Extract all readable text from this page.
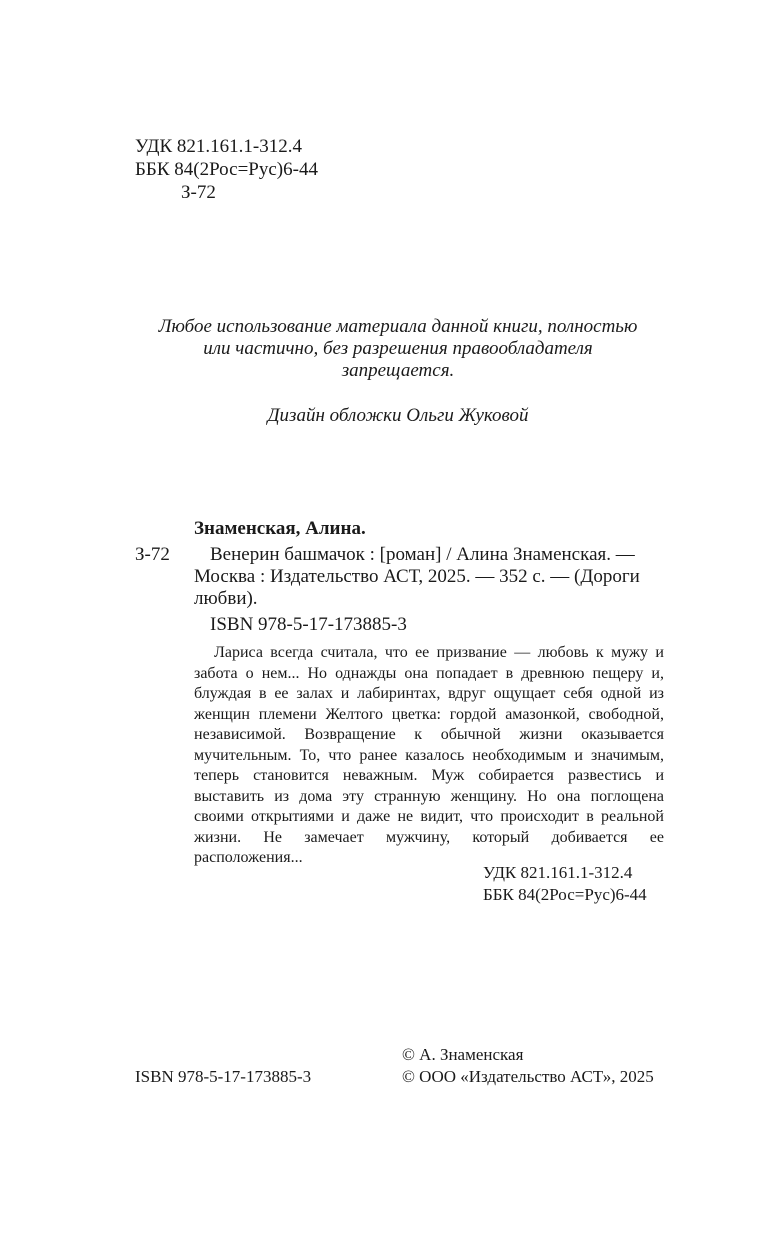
УДК 821.161.1-312.4
ББК 84(2Рос=Рус)6-44
З-72
Любое использование материала данной книги, полностью
или частично, без разрешения правообладателя
запрещается.
Дизайн обложки Ольги Жуковой
Знаменская, Алина.
З-72 Венерин башмачок : [роман] / Алина Знаменская. —
Москва : Издательство АСТ, 2025. — 352 с. — (Дороги
любви).
ISBN 978-5-17-173885-3

Лариса всегда считала, что ее призвание — любовь к мужу и забота о нем... Но однажды она попадает в древнюю пещеру и, блуждая в ее залах и лабиринтах, вдруг ощущает себя одной из женщин племени Желтого цветка: гордой амазонкой, свободной, независимой. Возвращение к обычной жизни оказывается мучительным. То, что ранее казалось необходимым и значимым, теперь становится неважным. Муж собирается развестись и выставить из дома эту странную женщину. Но она поглощена своими открытиями и даже не видит, что происходит в реальной жизни. Не замечает мужчину, который добивается ее расположения...

УДК 821.161.1-312.4
ББК 84(2Рос=Рус)6-44
© А. Знаменская
ISBN 978-5-17-173885-3	© ООО «Издательство АСТ», 2025
